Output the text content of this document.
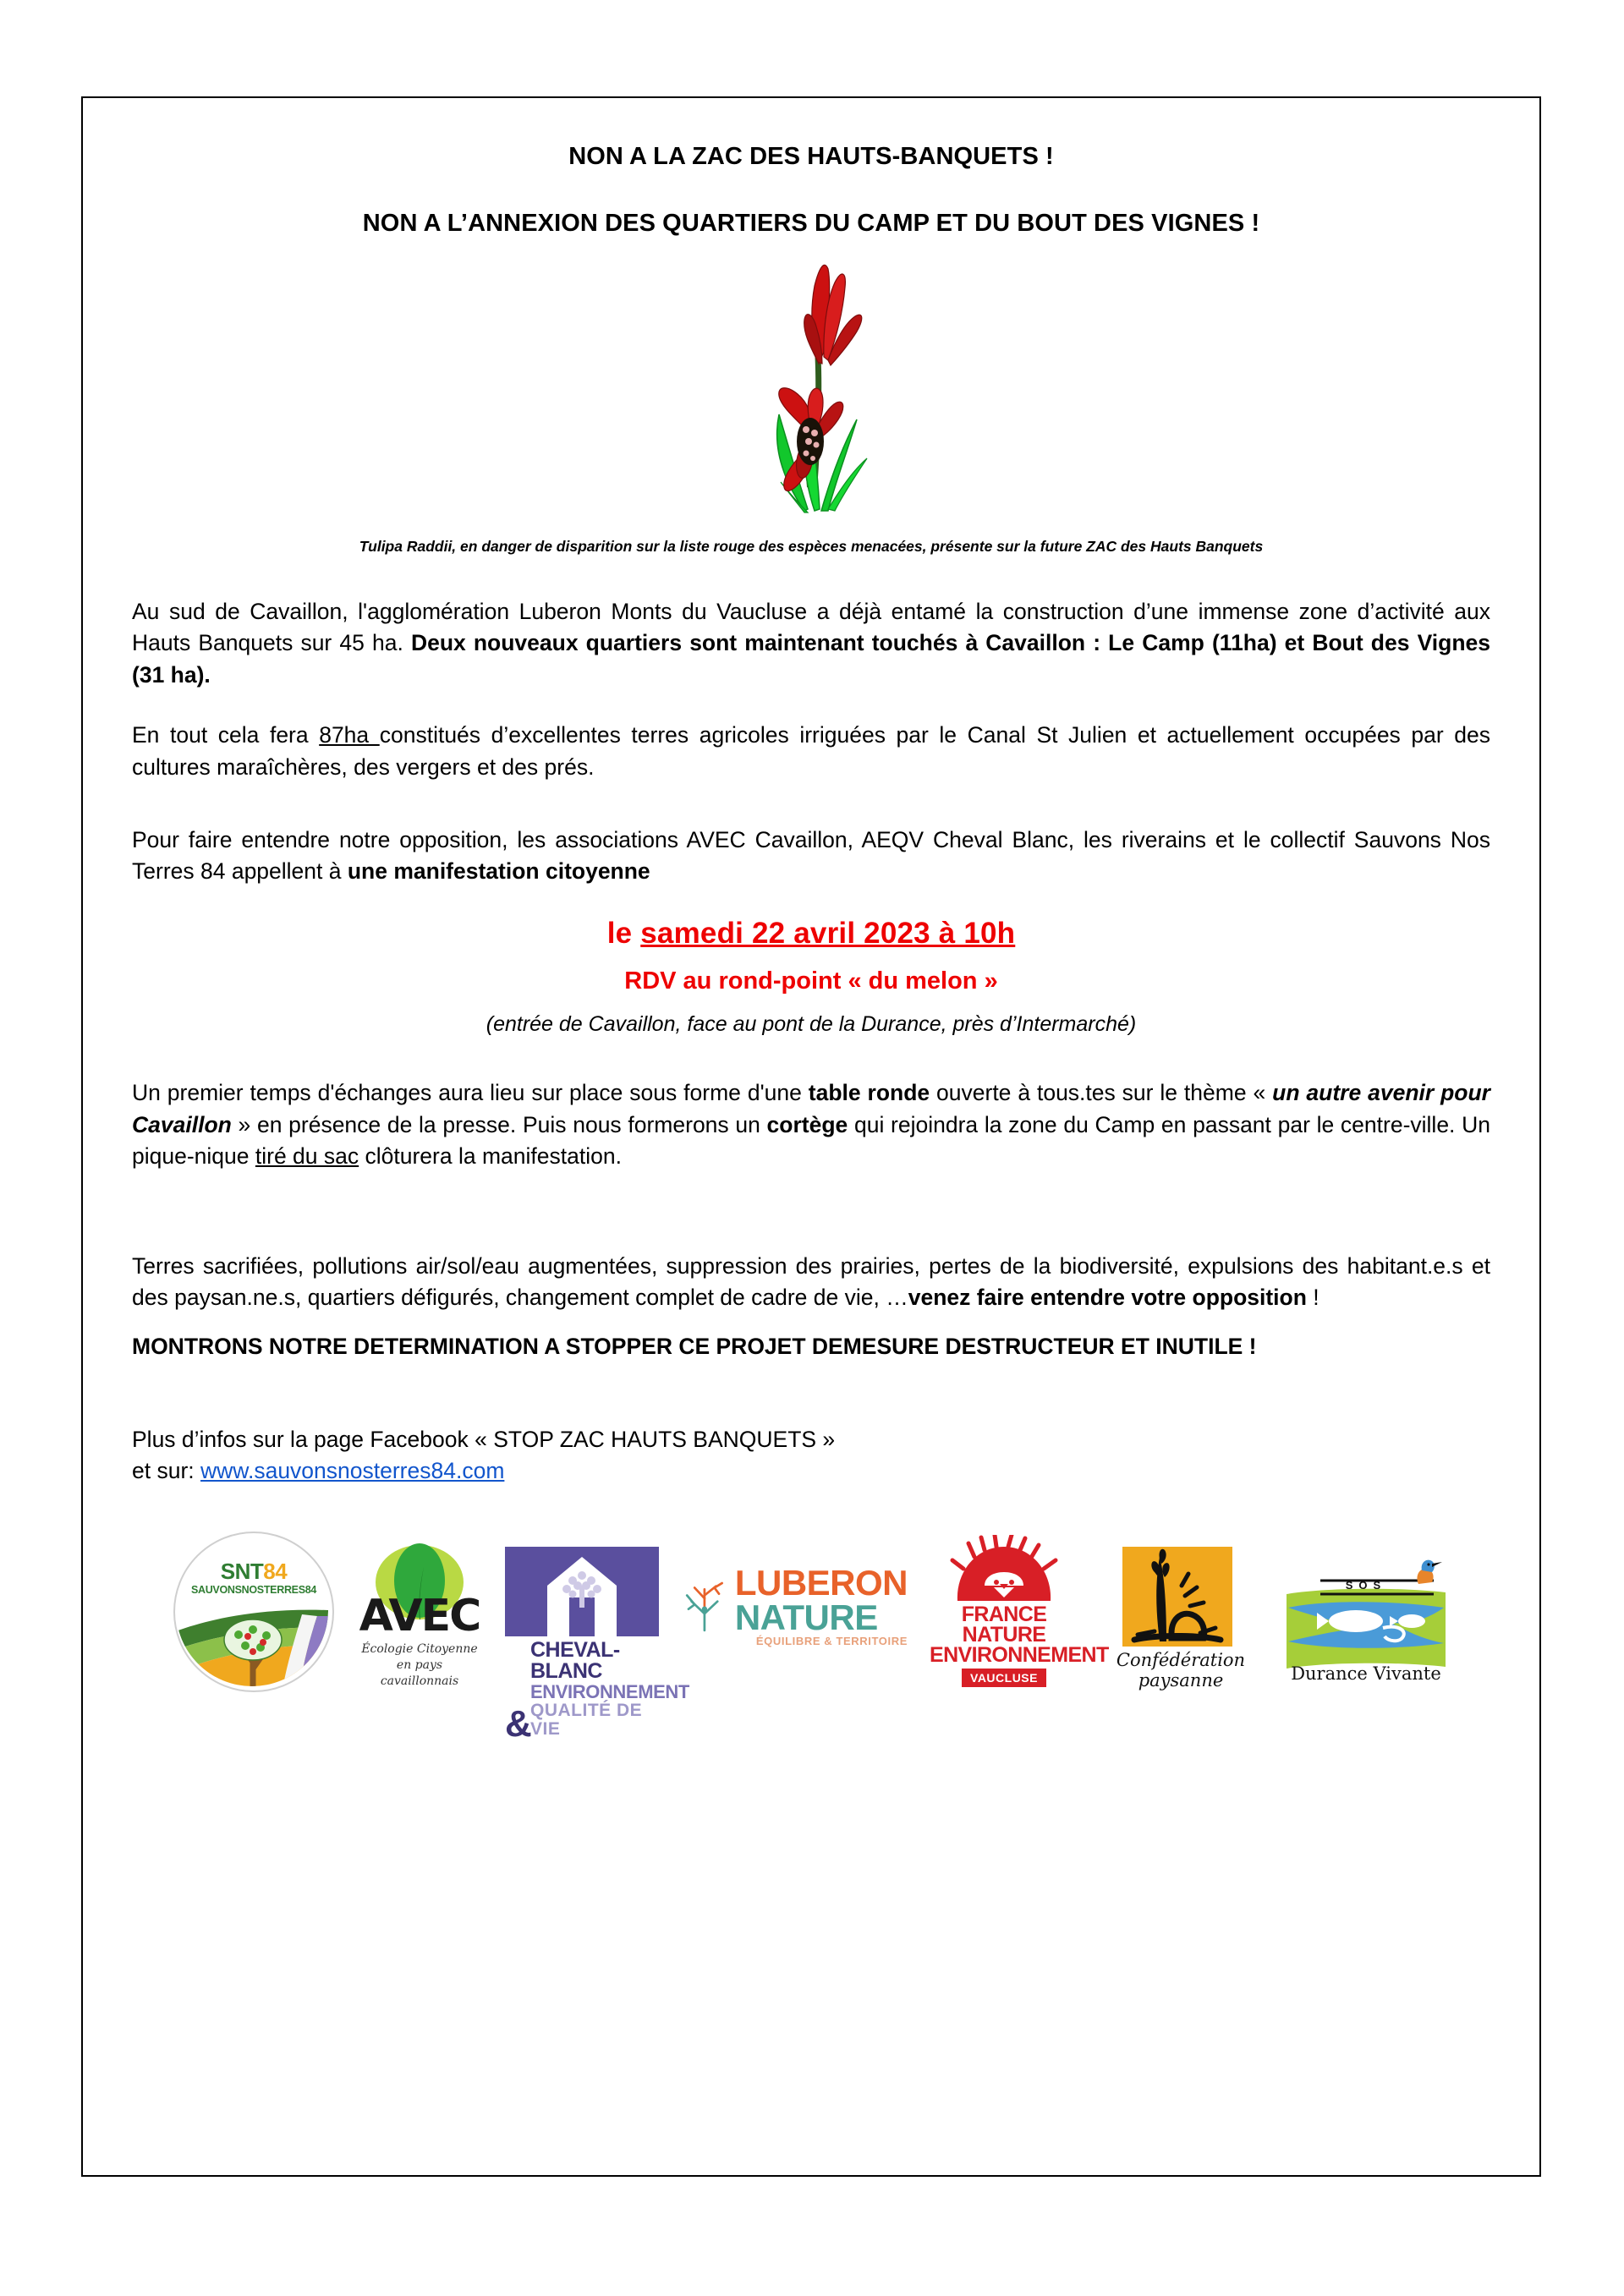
NON A LA ZAC DES HAUTS-BANQUETS !
NON A L’ANNEXION DES QUARTIERS DU CAMP ET DU BOUT DES VIGNES !
Tulipa Raddii, en danger de disparition sur la liste rouge des espèces menacées, présente sur la future ZAC des Hauts Banquets

Au sud de Cavaillon, l'agglomération Luberon Monts du Vaucluse a déjà entamé la construction d’une immense zone d’activité aux Hauts Banquets sur 45 ha. Deux nouveaux quartiers sont maintenant touchés à Cavaillon : Le Camp (11ha) et Bout des Vignes (31 ha).

En tout cela fera 87ha constitués d’excellentes terres agricoles irriguées par le Canal St Julien et actuellement occupées par des cultures maraîchères, des vergers et des prés.

Pour faire entendre notre opposition, les associations AVEC Cavaillon, AEQV Cheval Blanc, les riverains et le collectif Sauvons Nos Terres 84 appellent à une manifestation citoyenne

le samedi 22 avril 2023 à 10h

RDV au rond-point « du melon »

(entrée de Cavaillon, face au pont de la Durance, près d’Intermarché)

Un premier temps d'échanges aura lieu sur place sous forme d'une table ronde ouverte à tous.tes sur le thème « un autre avenir pour Cavaillon » en présence de la presse. Puis nous formerons un cortège qui rejoindra la zone du Camp en passant par le centre-ville. Un pique-nique tiré du sac clôturera la manifestation.

Terres sacrifiées, pollutions air/sol/eau augmentées, suppression des prairies, pertes de la biodiversité, expulsions des habitant.e.s et des paysan.ne.s, quartiers défigurés, changement complet de cadre de vie, …venez faire entendre votre opposition !

MONTRONS NOTRE DETERMINATION A STOPPER CE PROJET DEMESURE DESTRUCTEUR ET INUTILE !

Plus d’infos sur la page Facebook « STOP ZAC HAUTS BANQUETS »

et sur: www.sauvonsnosterres84.com

SNT84
SAUVONSNOSTERRES84
AVEC
Écologie Citoyenne
en pays cavaillonnais
&
CHEVAL-BLANC
ENVIRONNEMENT
QUALITÉ DE VIE
LUBERON
NATURE
ÉQUILIBRE & TERRITOIRE
FRANCE NATURE
ENVIRONNEMENT
VAUCLUSE
Confédération paysanne
SOS
Durance Vivante
